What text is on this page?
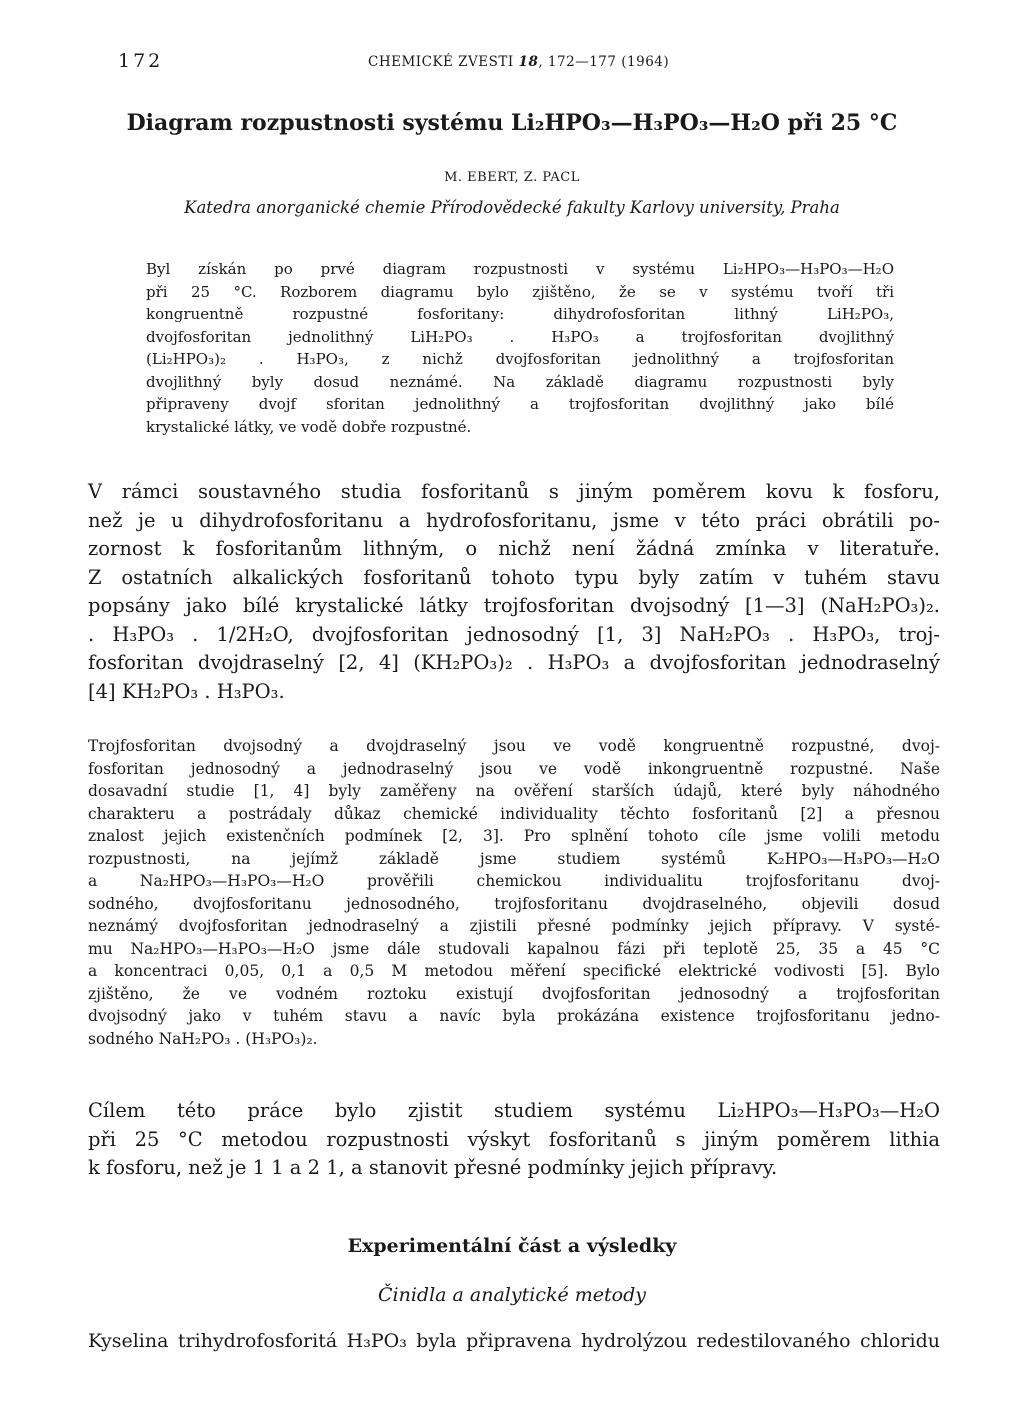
172	CHEMICKÉ ZVESTI 18, 172—177 (1964)
Diagram rozpustnosti systému Li₂HPO₃—H₃PO₃—H₂O při 25 °C
M. EBERT, Z. PACL
Katedra anorganické chemie Přírodovědecké fakulty Karlovy university, Praha
Byl získán po prvé diagram rozpustnosti v systému Li₂HPO₃—H₃PO₃—H₂O
při 25 °C. Rozborem diagramu bylo zjištěno, že se v systému tvoří tři
kongruentně rozpustné fosforitany: dihydrofosforitan lithný LiH₂PO₃,
dvojfosforitan jednolithný LiH₂PO₃ . H₃PO₃ a trojfosforitan dvojlithný
(Li₂HPO₃)₂ . H₃PO₃, z nichž dvojfosforitan jednolithný a trojfosforitan
dvojlithný byly dosud neznámé. Na základě diagramu rozpustnosti byly
připraveny dvojf sforitan jednolithný a trojfosforitan dvojlithný jako bílé
krystalické látky, ve vodě dobře rozpustné.
V rámci soustavného studia fosforitanů s jiným poměrem kovu k fosforu,
než je u dihydrofosforitanu a hydrofosforitanu, jsme v této práci obrátili po-
zornost k fosforitanům lithným, o nichž není žádná zmínka v literatuře.
Z ostatních alkalických fosforitanů tohoto typu byly zatím v tuhém stavu
popsány jako bílé krystalické látky trojfosforitan dvojsodný [1—3] (NaH₂PO₃)₂.
. H₃PO₃ . 1/2H₂O, dvojfosforitan jednosodný [1, 3] NaH₂PO₃ . H₃PO₃, troj-
fosforitan dvojdraselný [2, 4] (KH₂PO₃)₂ . H₃PO₃ a dvojfosforitan jednodraselný
[4] KH₂PO₃ . H₃PO₃.
Trojfosforitan dvojsodný a dvojdraselný jsou ve vodě kongruentně rozpustné, dvoj-
fosforitan jednosodný a jednodraselný jsou ve vodě inkongruentně rozpustné. Naše
dosavadní studie [1, 4] byly zaměřeny na ověření starších údajů, které byly náhodného
charakteru a postrádaly důkaz chemické individuality těchto fosforitanů [2] a přesnou
znalost jejich existenčních podmínek [2, 3]. Pro splnění tohoto cíle jsme volili metodu
rozpustnosti, na jejímž základě jsme studiem systémů K₂HPO₃—H₃PO₃—H₂O
a Na₂HPO₃—H₃PO₃—H₂O prověřili chemickou individualitu trojfosforitanu dvoj-
sodného, dvojfosforitanu jednosodného, trojfosforitanu dvojdraselného, objevili dosud
neznámý dvojfosforitan jednodraselný a zjistili přesné podmínky jejich přípravy. V systé-
mu Na₂HPO₃—H₃PO₃—H₂O jsme dále studovali kapalnou fázi při teplotě 25, 35 a 45 °C
a koncentraci 0,05, 0,1 a 0,5 M metodou měření specifické elektrické vodivosti [5]. Bylo
zjištěno, že ve vodném roztoku existují dvojfosforitan jednosodný a trojfosforitan
dvojsodný jako v tuhém stavu a navíc byla prokázána existence trojfosforitanu jedno-
sodného NaH₂PO₃ . (H₃PO₃)₂.
Cílem této práce bylo zjistit studiem systému Li₂HPO₃—H₃PO₃—H₂O
při 25 °C metodou rozpustnosti výskyt fosforitanů s jiným poměrem lithia
k fosforu, než je 1 1 a 2 1, a stanovit přesné podmínky jejich přípravy.
Experimentální část a výsledky
Činidla a analytické metody
Kyselina trihydrofosforitá H₃PO₃ byla připravena hydrolýzou redestilovaného chloridu
